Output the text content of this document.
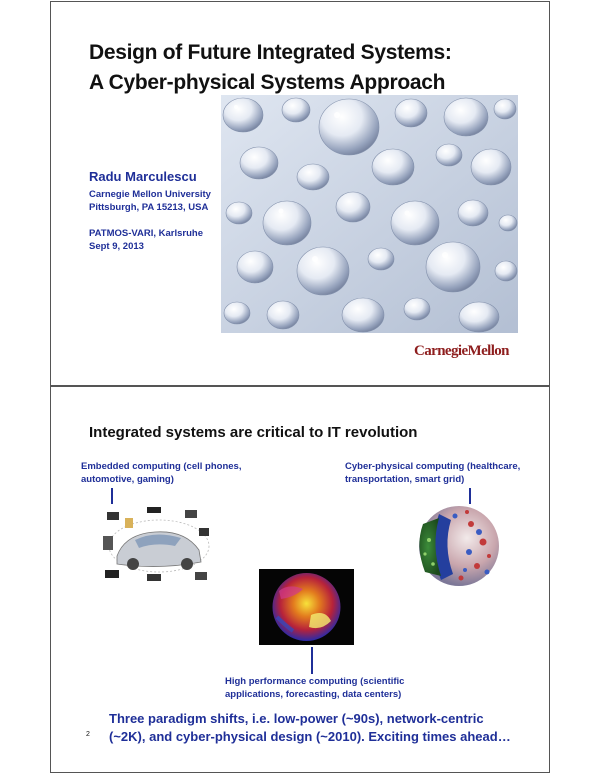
Design of Future Integrated Systems:
A Cyber-physical Systems Approach
Radu Marculescu
Carnegie Mellon University
Pittsburgh, PA 15213, USA
PATMOS-VARI, Karlsruhe
Sept 9, 2013
CarnegieMellon
Integrated systems are critical to IT revolution
Embedded computing (cell phones,
automotive, gaming)
Cyber-physical computing (healthcare,
transportation, smart grid)
High performance computing (scientific
applications, forecasting, data centers)
Three paradigm shifts, i.e. low-power (~90s), network-centric
(~2K), and cyber-physical design (~2010). Exciting times ahead…
2
